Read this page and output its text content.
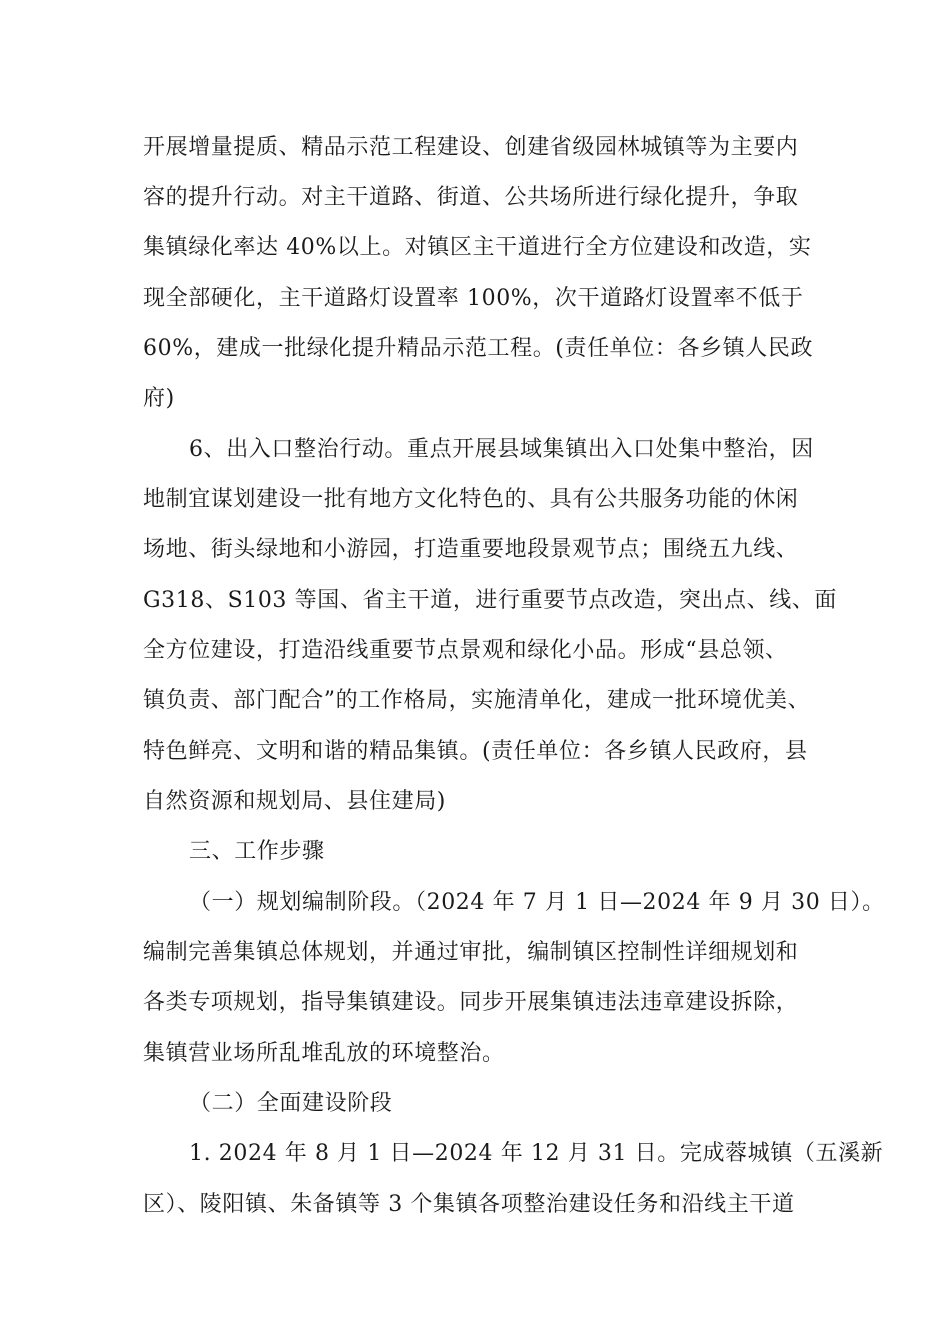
开展增量提质、精品示范工程建设、创建省级园林城镇等为主要内
容的提升行动。对主干道路、街道、公共场所进行绿化提升，争取
集镇绿化率达 40%以上。对镇区主干道进行全方位建设和改造，实
现全部硬化，主干道路灯设置率 100%，次干道路灯设置率不低于
60%，建成一批绿化提升精品示范工程。(责任单位：各乡镇人民政
府)
6、出入口整治行动。重点开展县域集镇出入口处集中整治，因
地制宜谋划建设一批有地方文化特色的、具有公共服务功能的休闲
场地、街头绿地和小游园，打造重要地段景观节点；围绕五九线、
G318、S103 等国、省主干道，进行重要节点改造，突出点、线、面
全方位建设，打造沿线重要节点景观和绿化小品。形成“县总领、
镇负责、部门配合”的工作格局，实施清单化，建成一批环境优美、
特色鲜亮、文明和谐的精品集镇。(责任单位：各乡镇人民政府，县
自然资源和规划局、县住建局)
三、工作步骤
（一）规划编制阶段。（2024 年 7 月 1 日—2024 年 9 月 30 日）。
编制完善集镇总体规划，并通过审批，编制镇区控制性详细规划和
各类专项规划，指导集镇建设。同步开展集镇违法违章建设拆除，
集镇营业场所乱堆乱放的环境整治。
（二）全面建设阶段
1. 2024 年 8 月 1 日—2024 年 12 月 31 日。完成蓉城镇（五溪新
区）、陵阳镇、朱备镇等 3 个集镇各项整治建设任务和沿线主干道
